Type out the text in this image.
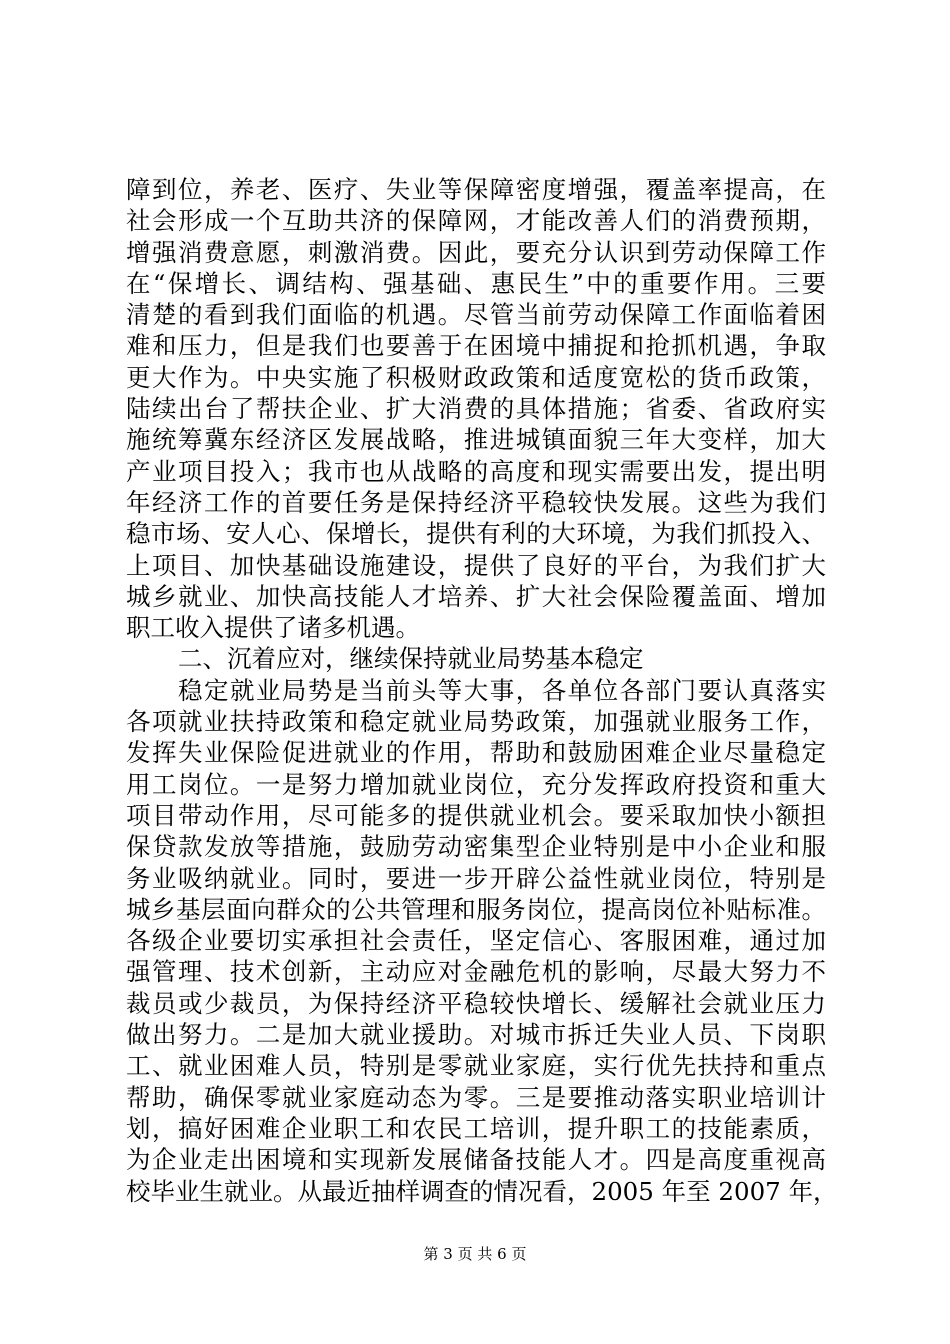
障到位，养老、医疗、失业等保障密度增强，覆盖率提高，在
社会形成一个互助共济的保障网，才能改善人们的消费预期，
增强消费意愿，刺激消费。因此，要充分认识到劳动保障工作
在“保增长、调结构、强基础、惠民生”中的重要作用。三要
清楚的看到我们面临的机遇。尽管当前劳动保障工作面临着困
难和压力，但是我们也要善于在困境中捕捉和抢抓机遇，争取
更大作为。中央实施了积极财政政策和适度宽松的货币政策，
陆续出台了帮扶企业、扩大消费的具体措施；省委、省政府实
施统筹冀东经济区发展战略，推进城镇面貌三年大变样，加大
产业项目投入；我市也从战略的高度和现实需要出发，提出明
年经济工作的首要任务是保持经济平稳较快发展。这些为我们
稳市场、安人心、保增长，提供有利的大环境，为我们抓投入、
上项目、加快基础设施建设，提供了良好的平台，为我们扩大
城乡就业、加快高技能人才培养、扩大社会保险覆盖面、增加
职工收入提供了诸多机遇。
二、沉着应对，继续保持就业局势基本稳定
稳定就业局势是当前头等大事，各单位各部门要认真落实
各项就业扶持政策和稳定就业局势政策，加强就业服务工作，
发挥失业保险促进就业的作用，帮助和鼓励困难企业尽量稳定
用工岗位。一是努力增加就业岗位，充分发挥政府投资和重大
项目带动作用，尽可能多的提供就业机会。要采取加快小额担
保贷款发放等措施，鼓励劳动密集型企业特别是中小企业和服
务业吸纳就业。同时，要进一步开辟公益性就业岗位，特别是
城乡基层面向群众的公共管理和服务岗位，提高岗位补贴标准。
各级企业要切实承担社会责任，坚定信心、客服困难，通过加
强管理、技术创新，主动应对金融危机的影响，尽最大努力不
裁员或少裁员，为保持经济平稳较快增长、缓解社会就业压力
做出努力。二是加大就业援助。对城市拆迁失业人员、下岗职
工、就业困难人员，特别是零就业家庭，实行优先扶持和重点
帮助，确保零就业家庭动态为零。三是要推动落实职业培训计
划，搞好困难企业职工和农民工培训，提升职工的技能素质，
为企业走出困境和实现新发展储备技能人才。四是高度重视高
校毕业生就业。从最近抽样调查的情况看，2005 年至 2007 年，
第 3 页 共 6 页
